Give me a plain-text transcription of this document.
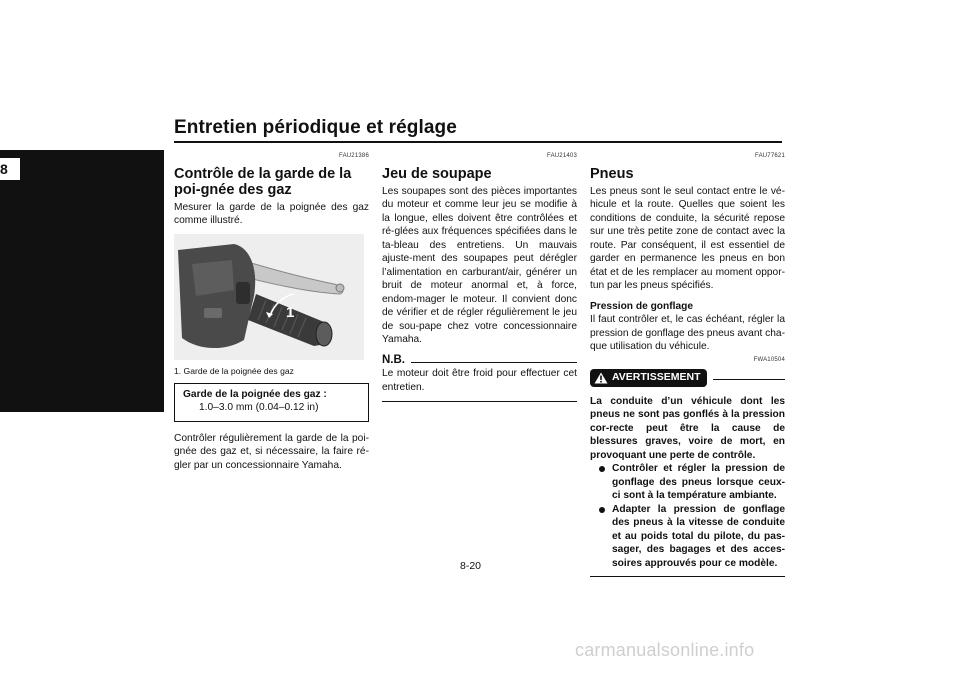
Entretien périodique et réglage
8
FAU21386
Contrôle de la garde de la poi-gnée des gaz

Mesurer la garde de la poignée des gaz comme illustré.

1
1. Garde de la poignée des gaz
Garde de la poignée des gaz :
1.0–3.0 mm (0.04–0.12 in)

Contrôler régulièrement la garde de la poi-gnée des gaz et, si nécessaire, la faire ré-gler par un concessionnaire Yamaha.

FAU21403
Jeu de soupape

Les soupapes sont des pièces importantes du moteur et comme leur jeu se modifie à la longue, elles doivent être contrôlées et ré-glées aux fréquences spécifiées dans le ta-bleau des entretiens. Un mauvais ajuste-ment des soupapes peut dérégler l’alimentation en carburant/air, générer un bruit de moteur anormal et, à force, endom-mager le moteur. Il convient donc de vérifier et de régler régulièrement le jeu de sou-pape chez votre concessionnaire Yamaha.

N.B.

Le moteur doit être froid pour effectuer cet entretien.

FAU77621
Pneus

Les pneus sont le seul contact entre le vé-hicule et la route. Quelles que soient les conditions de conduite, la sécurité repose sur une très petite zone de contact avec la route. Par conséquent, il est essentiel de garder en permanence les pneus en bon état et de les remplacer au moment oppor-tun par les pneus spécifiés.

Pression de gonflage

Il faut contrôler et, le cas échéant, régler la pression de gonflage des pneus avant cha-que utilisation du véhicule.

FWA10504
AVERTISSEMENT

La conduite d’un véhicule dont les pneus ne sont pas gonflés à la pression cor-recte peut être la cause de blessures graves, voire de mort, en provoquant une perte de contrôle.

Contrôler et régler la pression de gonflage des pneus lorsque ceux-ci sont à la température ambiante.
Adapter la pression de gonflage des pneus à la vitesse de conduite et au poids total du pilote, du pas-sager, des bagages et des acces-soires approuvés pour ce modèle.
8-20
carmanualsonline.info
